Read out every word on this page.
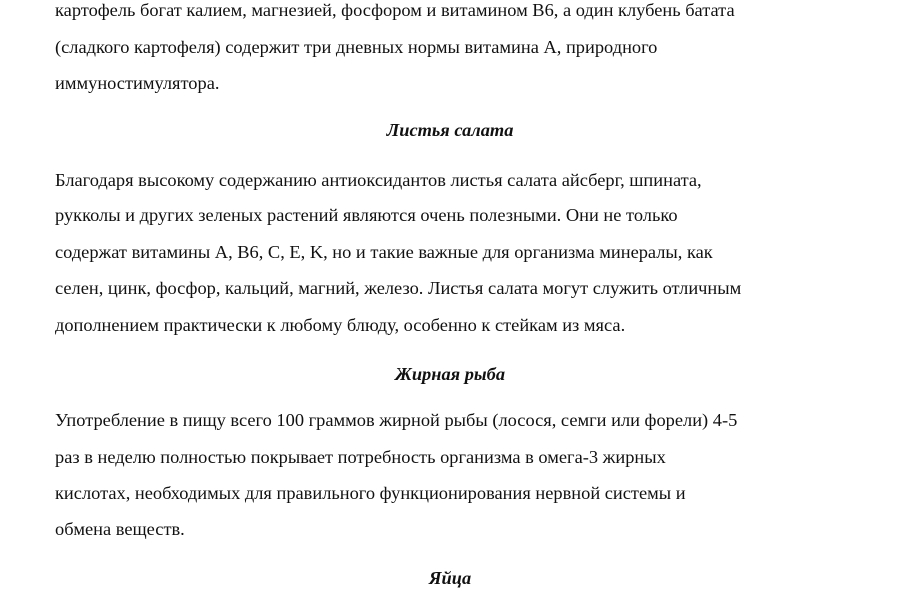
картофель богат калием, магнезией, фосфором и витамином B6, а один клубень батата
(сладкого картофеля) содержит три дневных нормы витамина А, природного
иммуностимулятора.
Листья салата
Благодаря высокому содержанию антиоксидантов листья салата айсберг, шпината,
рукколы и других зеленых растений являются очень полезными. Они не только
содержат витамины A, B6, C, E, K, но и такие важные для организма минералы, как
селен, цинк, фосфор, кальций, магний, железо. Листья салата могут служить отличным
дополнением практически к любому блюду, особенно к стейкам из мяса.
Жирная рыба
Употребление в пищу всего 100 граммов жирной рыбы (лосося, семги или форели) 4-5
раз в неделю полностью покрывает потребность организма в омега-3 жирных
кислотах, необходимых для правильного функционирования нервной системы и
обмена веществ.
Яйца
